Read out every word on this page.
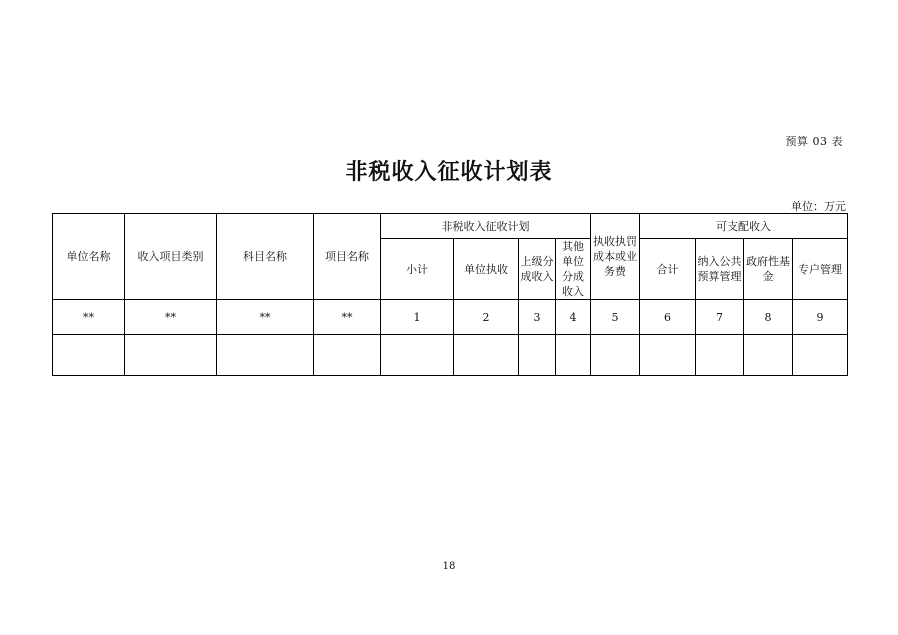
预算 03 表
非税收入征收计划表
单位：万元
单位名称	收入项目类别	科目名称	项目名称	非税收入征收计划				执收执罚成本或业务费	可支配收入			
				小计	单位执收	上级分成收入	其他单位分成收入		合计	纳入公共预算管理	政府性基金	专户管理
**	**	**	**	1	2	3	4	5	6	7	8	9

18
